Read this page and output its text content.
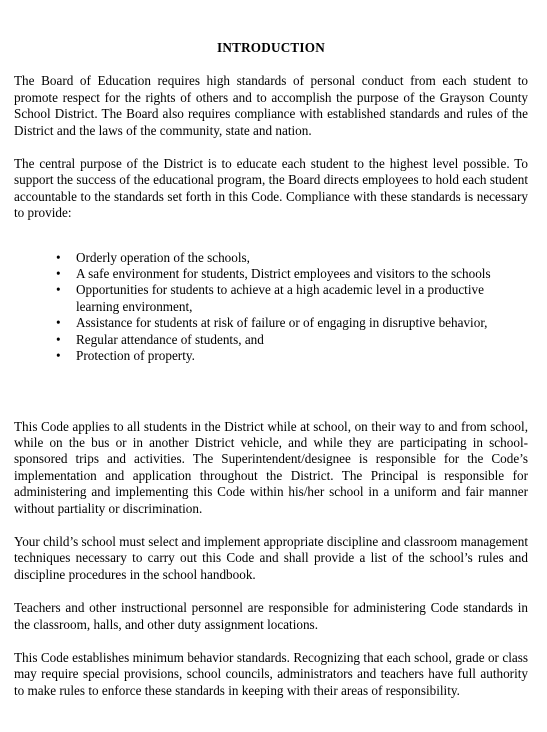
INTRODUCTION

The Board of Education requires high standards of personal conduct from each student to promote respect for the rights of others and to accomplish the purpose of the Grayson County School District. The Board also requires compliance with established standards and rules of the District and the laws of the community, state and nation.

The central purpose of the District is to educate each student to the highest level possible. To support the success of the educational program, the Board directs employees to hold each student accountable to the standards set forth in this Code. Compliance with these standards is necessary to provide:

• Orderly operation of the schools,
• A safe environment for students, District employees and visitors to the schools
• Opportunities for students to achieve at a high academic level in a productive learning environment,
• Assistance for students at risk of failure or of engaging in disruptive behavior,
• Regular attendance of students, and
• Protection of property.

This Code applies to all students in the District while at school, on their way to and from school, while on the bus or in another District vehicle, and while they are participating in school-sponsored trips and activities. The Superintendent/designee is responsible for the Code’s implementation and application throughout the District. The Principal is responsible for administering and implementing this Code within his/her school in a uniform and fair manner without partiality or discrimination.

Your child’s school must select and implement appropriate discipline and classroom management techniques necessary to carry out this Code and shall provide a list of the school’s rules and discipline procedures in the school handbook.

Teachers and other instructional personnel are responsible for administering Code standards in the classroom, halls, and other duty assignment locations.

This Code establishes minimum behavior standards. Recognizing that each school, grade or class may require special provisions, school councils, administrators and teachers have full authority to make rules to enforce these standards in keeping with their areas of responsibility.
